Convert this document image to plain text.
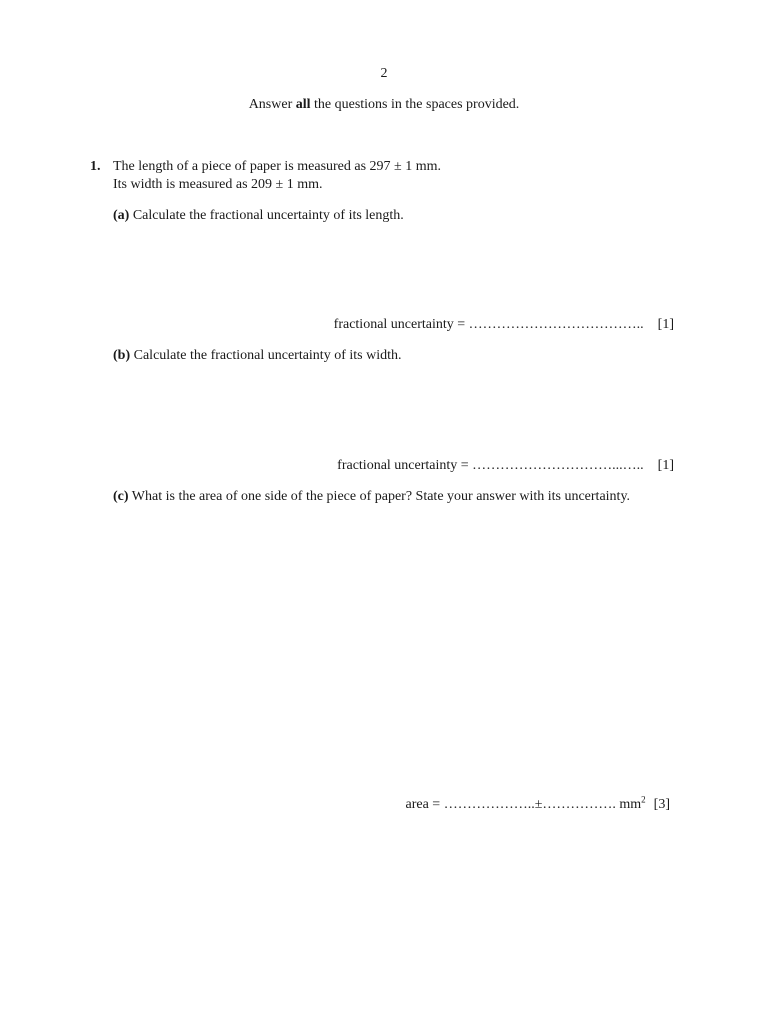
2
Answer all the questions in the spaces provided.
1. The length of a piece of paper is measured as 297 ± 1 mm.
Its width is measured as 209 ± 1 mm.
(a) Calculate the fractional uncertainty of its length.
fractional uncertainty = ……………………………….. [1]
(b) Calculate the fractional uncertainty of its width.
fractional uncertainty = …………………………...….. [1]
(c) What is the area of one side of the piece of paper? State your answer with its uncertainty.
area = ………………..±……………. $mm^2$ [3]
